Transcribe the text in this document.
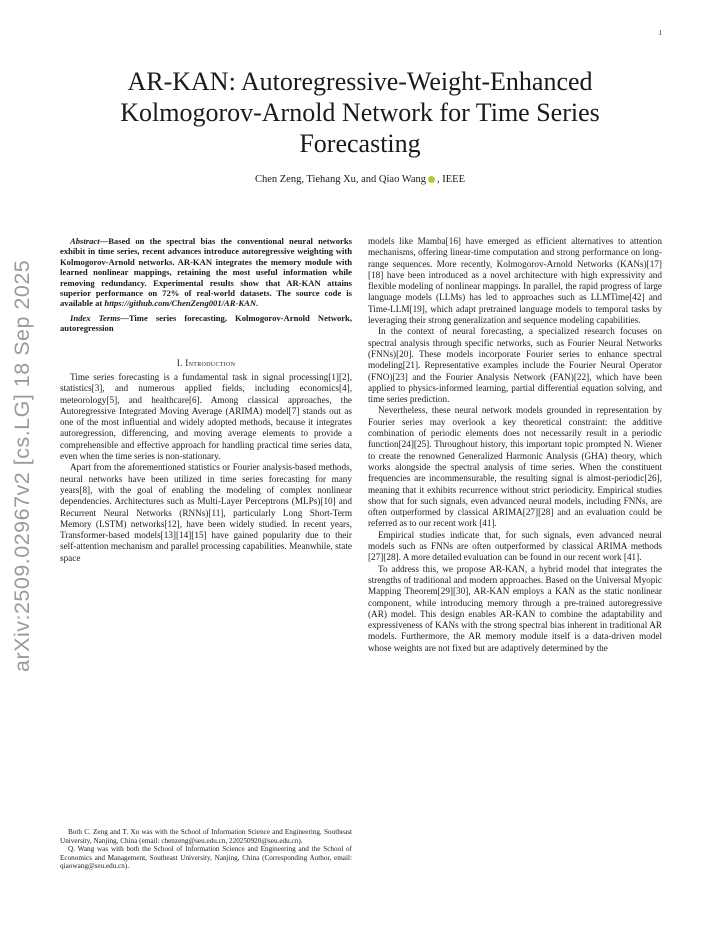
1
arXiv:2509.02967v2 [cs.LG] 18 Sep 2025
AR-KAN: Autoregressive-Weight-Enhanced Kolmogorov-Arnold Network for Time Series Forecasting
Chen Zeng, Tiehang Xu, and Qiao Wang , IEEE
Abstract—Based on the spectral bias the conventional neural networks exhibit in time series, recent advances introduce autoregressive weighting with Kolmogorov-Arnold networks. AR-KAN integrates the memory module with learned nonlinear mappings, retaining the most useful information while removing redundancy. Experimental results show that AR-KAN attains superior performance on 72% of real-world datasets. The source code is available at https://github.com/ChenZeng001/AR-KAN.
Index Terms—Time series forecasting, Kolmogorov-Arnold Network, autoregression
I. Introduction

Time series forecasting is a fundamental task in signal processing[1][2], statistics[3], and numerous applied fields, including economics[4], meteorology[5], and healthcare[6]. Among classical approaches, the Autoregressive Integrated Moving Average (ARIMA) model[7] stands out as one of the most influential and widely adopted methods, because it integrates autoregression, differencing, and moving average elements to provide a comprehensible and effective approach for handling practical time series data, even when the time series is non-stationary.

Apart from the aforementioned statistics or Fourier analysis-based methods, neural networks have been utilized in time series forecasting for many years[8], with the goal of enabling the modeling of complex nonlinear dependencies. Architectures such as Multi-Layer Perceptrons (MLPs)[10] and Recurrent Neural Networks (RNNs)[11], particularly Long Short-Term Memory (LSTM) networks[12], have been widely studied. In recent years, Transformer-based models[13][14][15] have gained popularity due to their self-attention mechanism and parallel processing capabilities. Meanwhile, state space

models like Mamba[16] have emerged as efficient alternatives to attention mechanisms, offering linear-time computation and strong performance on long-range sequences. More recently, Kolmogorov-Arnold Networks (KANs)[17][18] have been introduced as a novel architecture with high expressivity and flexible modeling of nonlinear mappings. In parallel, the rapid progress of large language models (LLMs) has led to approaches such as LLMTime[42] and Time-LLM[19], which adapt pretrained language models to temporal tasks by leveraging their strong generalization and sequence modeling capabilities.

In the context of neural forecasting, a specialized research focuses on spectral analysis through specific networks, such as Fourier Neural Networks (FNNs)[20]. These models incorporate Fourier series to enhance spectral modeling[21]. Representative examples include the Fourier Neural Operator (FNO)[23] and the Fourier Analysis Network (FAN)[22], which have been applied to physics-informed learning, partial differential equation solving, and time series prediction.

Nevertheless, these neural network models grounded in representation by Fourier series may overlook a key theoretical constraint: the additive combination of periodic elements does not necessarily result in a periodic function[24][25]. Throughout history, this important topic prompted N. Wiener to create the renowned Generalized Harmonic Analysis (GHA) theory, which works alongside the spectral analysis of time series. When the constituent frequencies are incommensurable, the resulting signal is almost-periodic[26], meaning that it exhibits recurrence without strict periodicity. Empirical studies show that for such signals, even advanced neural models, including FNNs, are often outperformed by classical ARIMA[27][28] and an evaluation could be referred as to our recent work [41].

Empirical studies indicate that, for such signals, even advanced neural models such as FNNs are often outperformed by classical ARIMA methods [27][28]. A more detailed evaluation can be found in our recent work [41].

To address this, we propose AR-KAN, a hybrid model that integrates the strengths of traditional and modern approaches. Based on the Universal Myopic Mapping Theorem[29][30], AR-KAN employs a KAN as the static nonlinear component, while introducing memory through a pre-trained autoregressive (AR) model. This design enables AR-KAN to combine the adaptability and expressiveness of KANs with the strong spectral bias inherent in traditional AR models. Furthermore, the AR memory module itself is a data-driven model whose weights are not fixed but are adaptively determined by the

Both C. Zeng and T. Xu was with the School of Information Science and Engineering, Southeast University, Nanjing, China (email: chenzeng@seu.edu.cn, 220250920@seu.edu.cn).

Q. Wang was with both the School of Information Science and Engineering and the School of Economics and Management, Southeast University, Nanjing, China (Corresponding Author, email: qiaowang@seu.edu.cn).
